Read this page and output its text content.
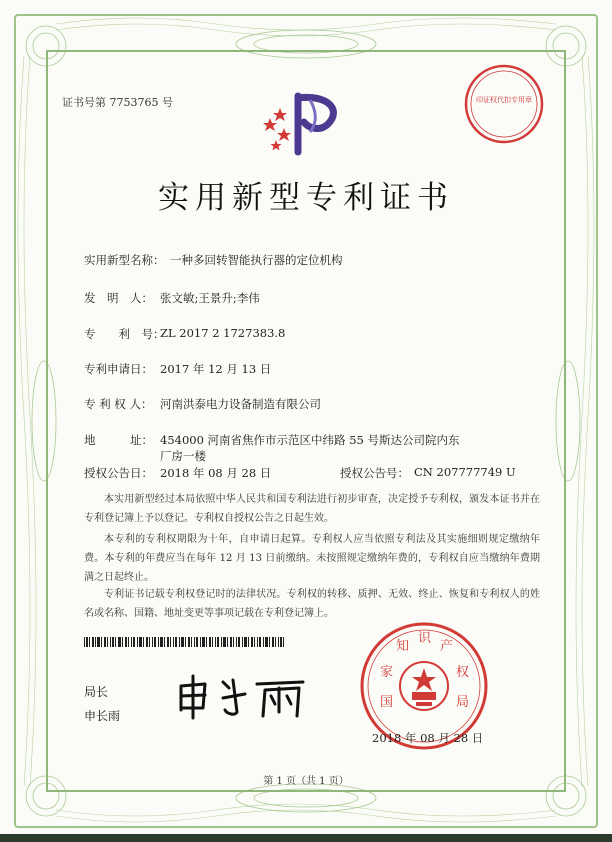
证书号第 7753765 号	印证权代扣专用章
实用新型专利证书
实用新型名称： 一种多回转智能执行器的定位机构
发　明　人： 张文敏;王景升;李伟
专　　利　号：
ZL 2017 2 1727383.8
专利申请日： 2017 年 12 月 13 日
专 利 权 人： 河南洪泰电力设备制造有限公司
地　　　址： 454000 河南省焦作市示范区中纬路 55 号斯达公司院内东
厂房一楼
授权公告日： 2018 年 08 月 28 日	授权公告号： CN 207777749 U
本实用新型经过本局依照中华人民共和国专利法进行初步审查，决定授予专利权，颁发本证书并在专利登记簿上予以登记。专利权自授权公告之日起生效。
本专利的专利权期限为十年，自申请日起算。专利权人应当依照专利法及其实施细则规定缴纳年费。本专利的年费应当在每年 12 月 13 日前缴纳。未按照规定缴纳年费的，专利权自应当缴纳年费期满之日起终止。
专利证书记载专利权登记时的法律状况。专利权的转移、质押、无效、终止、恢复和专利权人的姓名或名称、国籍、地址变更等事项记载在专利登记簿上。
局长
申长雨
国
家
知
识
产
权
局
2018 年 08 月 28 日
第 1 页（共 1 页）
